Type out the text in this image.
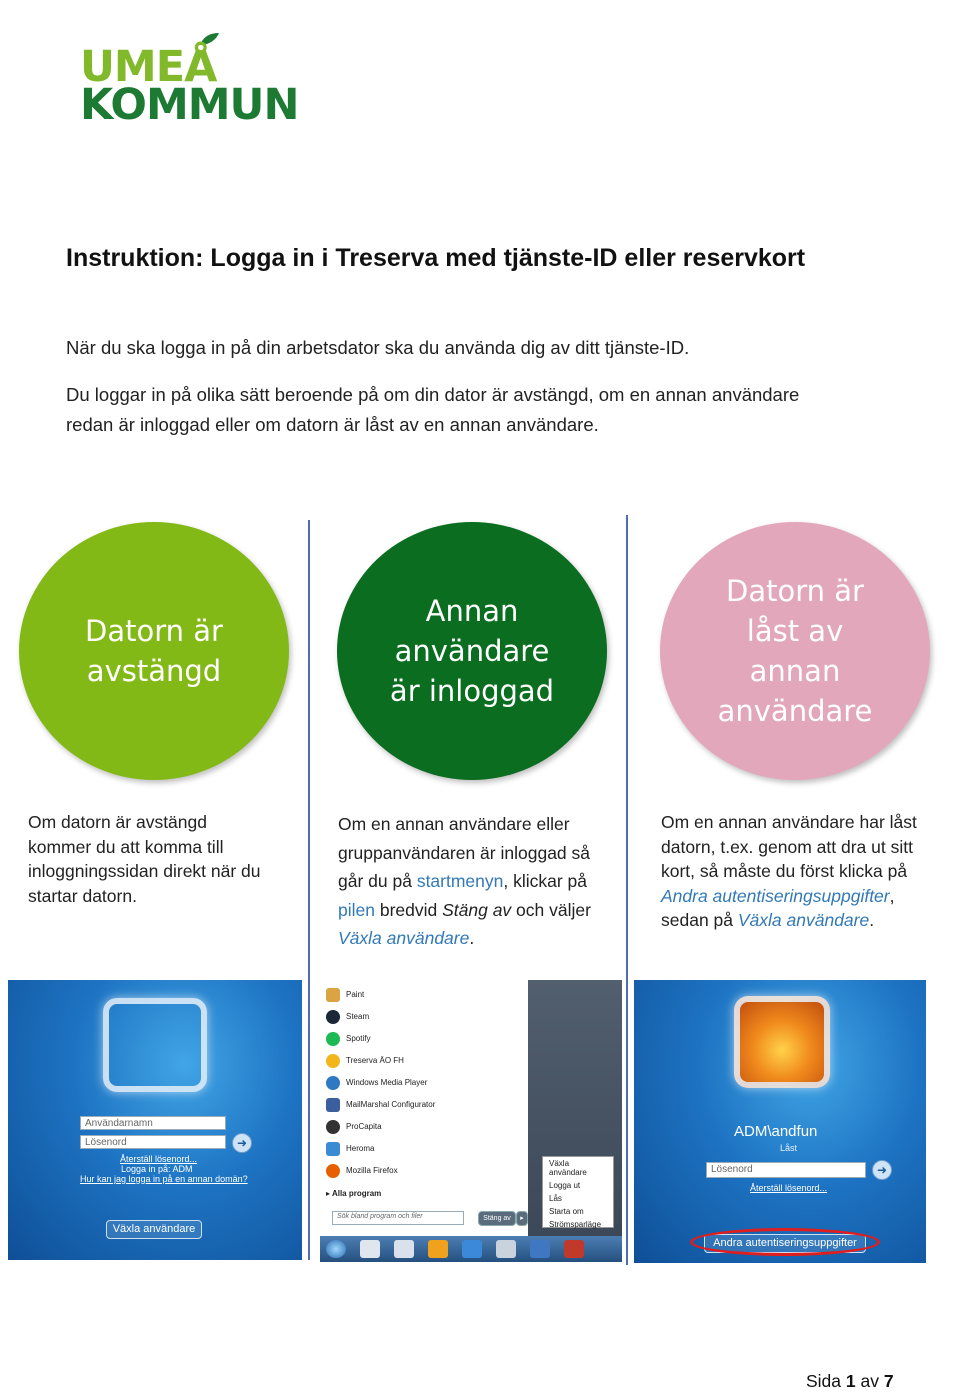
UMEÅ
KOMMUN
Instruktion: Logga in i Treserva med tjänste-ID eller reservkort
När du ska logga in på din arbetsdator ska du använda dig av ditt tjänste-ID.
Du loggar in på olika sätt beroende på om din dator är avstängd, om en annan användare
redan är inloggad eller om datorn är låst av en annan användare.
Datorn är
avstängd
Annan
användare
är inloggad
Datorn är
låst av
annan
användare
Om datorn är avstängd
kommer du att komma till
inloggningssidan direkt när du
startar datorn.
Om en annan användare eller
gruppanvändaren är inloggad så
går du på startmenyn, klickar på
pilen bredvid Stäng av och väljer
Växla användare.
Om en annan användare har låst
datorn, t.ex. genom att dra ut sitt
kort, så måste du först klicka på
Andra autentiseringsuppgifter,
sedan på Växla användare.
Användarnamn
Lösenord	➜
Återställ lösenord...
Logga in på: ADM
Hur kan jag logga in på en annan domän?
Växla användare
Paint
Steam
Spotify
Treserva ÄO FH
Windows Media Player
MailMarshal Configurator
ProCapita
Heroma
Mozilla Firefox
▸ Alla program
Sök bland program och filer	Stäng av	▸
Växla användare
Logga ut
Lås
Starta om
Strömsparläge
ADM\andfun
Låst
Lösenord	➜
Återställ lösenord...
Andra autentiseringsuppgifter
Sida 1 av 7
